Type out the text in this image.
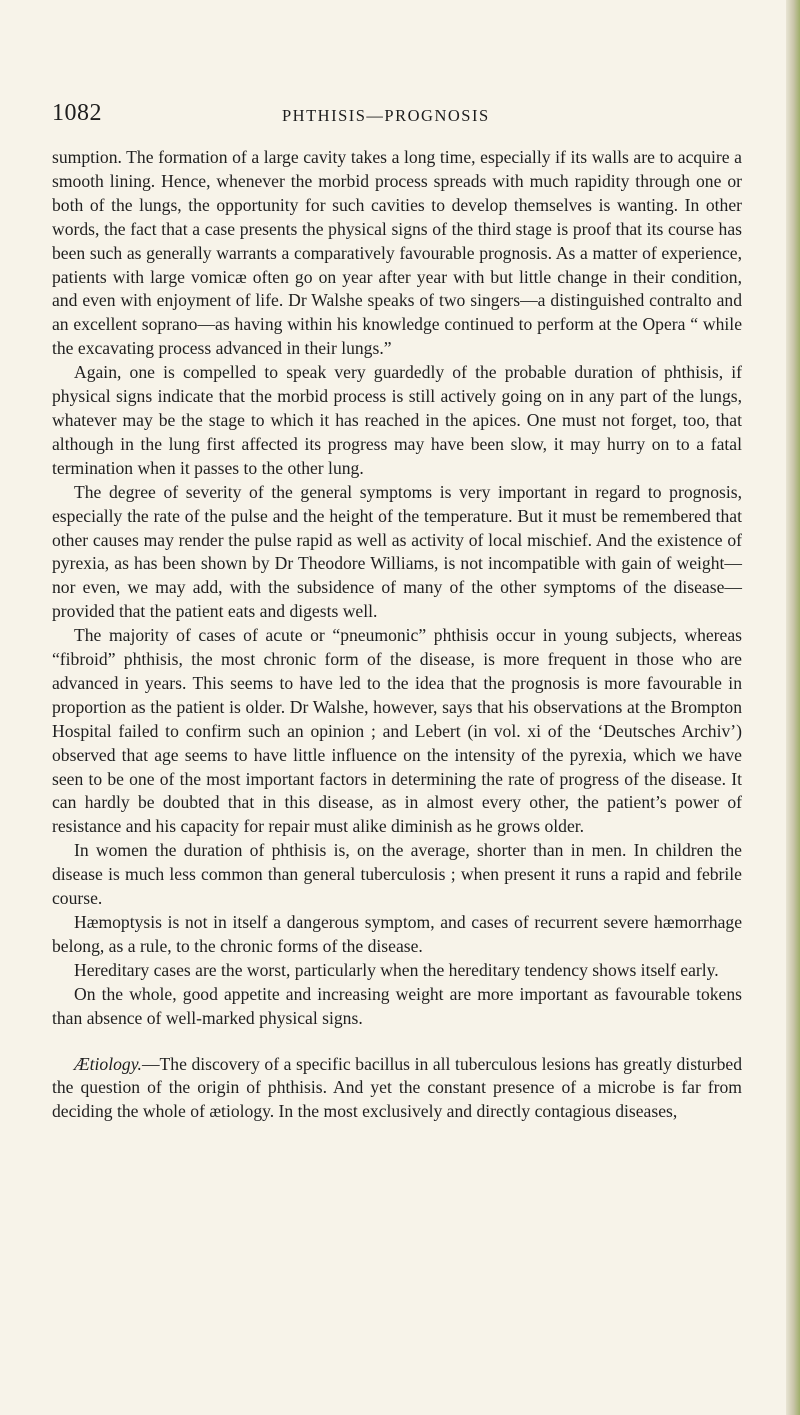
1082	PHTHISIS—PROGNOSIS

sumption. The formation of a large cavity takes a long time, especially if its walls are to acquire a smooth lining. Hence, whenever the morbid process spreads with much rapidity through one or both of the lungs, the opportunity for such cavities to develop themselves is wanting. In other words, the fact that a case presents the physical signs of the third stage is proof that its course has been such as generally warrants a comparatively favourable prognosis. As a matter of experience, patients with large vomicæ often go on year after year with but little change in their condition, and even with enjoyment of life. Dr Walshe speaks of two singers—a distinguished contralto and an excellent soprano—as having within his knowledge continued to perform at the Opera “ while the excavating process advanced in their lungs.”

Again, one is compelled to speak very guardedly of the probable duration of phthisis, if physical signs indicate that the morbid process is still actively going on in any part of the lungs, whatever may be the stage to which it has reached in the apices. One must not forget, too, that although in the lung first affected its progress may have been slow, it may hurry on to a fatal termination when it passes to the other lung.

The degree of severity of the general symptoms is very important in regard to prognosis, especially the rate of the pulse and the height of the temperature. But it must be remembered that other causes may render the pulse rapid as well as activity of local mischief. And the existence of pyrexia, as has been shown by Dr Theodore Williams, is not incompatible with gain of weight—nor even, we may add, with the subsidence of many of the other symptoms of the disease—provided that the patient eats and digests well.

The majority of cases of acute or “pneumonic” phthisis occur in young subjects, whereas “fibroid” phthisis, the most chronic form of the disease, is more frequent in those who are advanced in years. This seems to have led to the idea that the prognosis is more favourable in proportion as the patient is older. Dr Walshe, however, says that his observations at the Brompton Hospital failed to confirm such an opinion ; and Lebert (in vol. xi of the ‘Deutsches Archiv’) observed that age seems to have little influence on the intensity of the pyrexia, which we have seen to be one of the most important factors in determining the rate of progress of the disease. It can hardly be doubted that in this disease, as in almost every other, the patient’s power of resistance and his capacity for repair must alike diminish as he grows older.

In women the duration of phthisis is, on the average, shorter than in men. In children the disease is much less common than general tuberculosis ; when present it runs a rapid and febrile course.

Hæmoptysis is not in itself a dangerous symptom, and cases of recurrent severe hæmorrhage belong, as a rule, to the chronic forms of the disease.

Hereditary cases are the worst, particularly when the hereditary tendency shows itself early.

On the whole, good appetite and increasing weight are more important as favourable tokens than absence of well-marked physical signs.

Ætiology.—The discovery of a specific bacillus in all tuberculous lesions has greatly disturbed the question of the origin of phthisis. And yet the constant presence of a microbe is far from deciding the whole of ætiology. In the most exclusively and directly contagious diseases,
